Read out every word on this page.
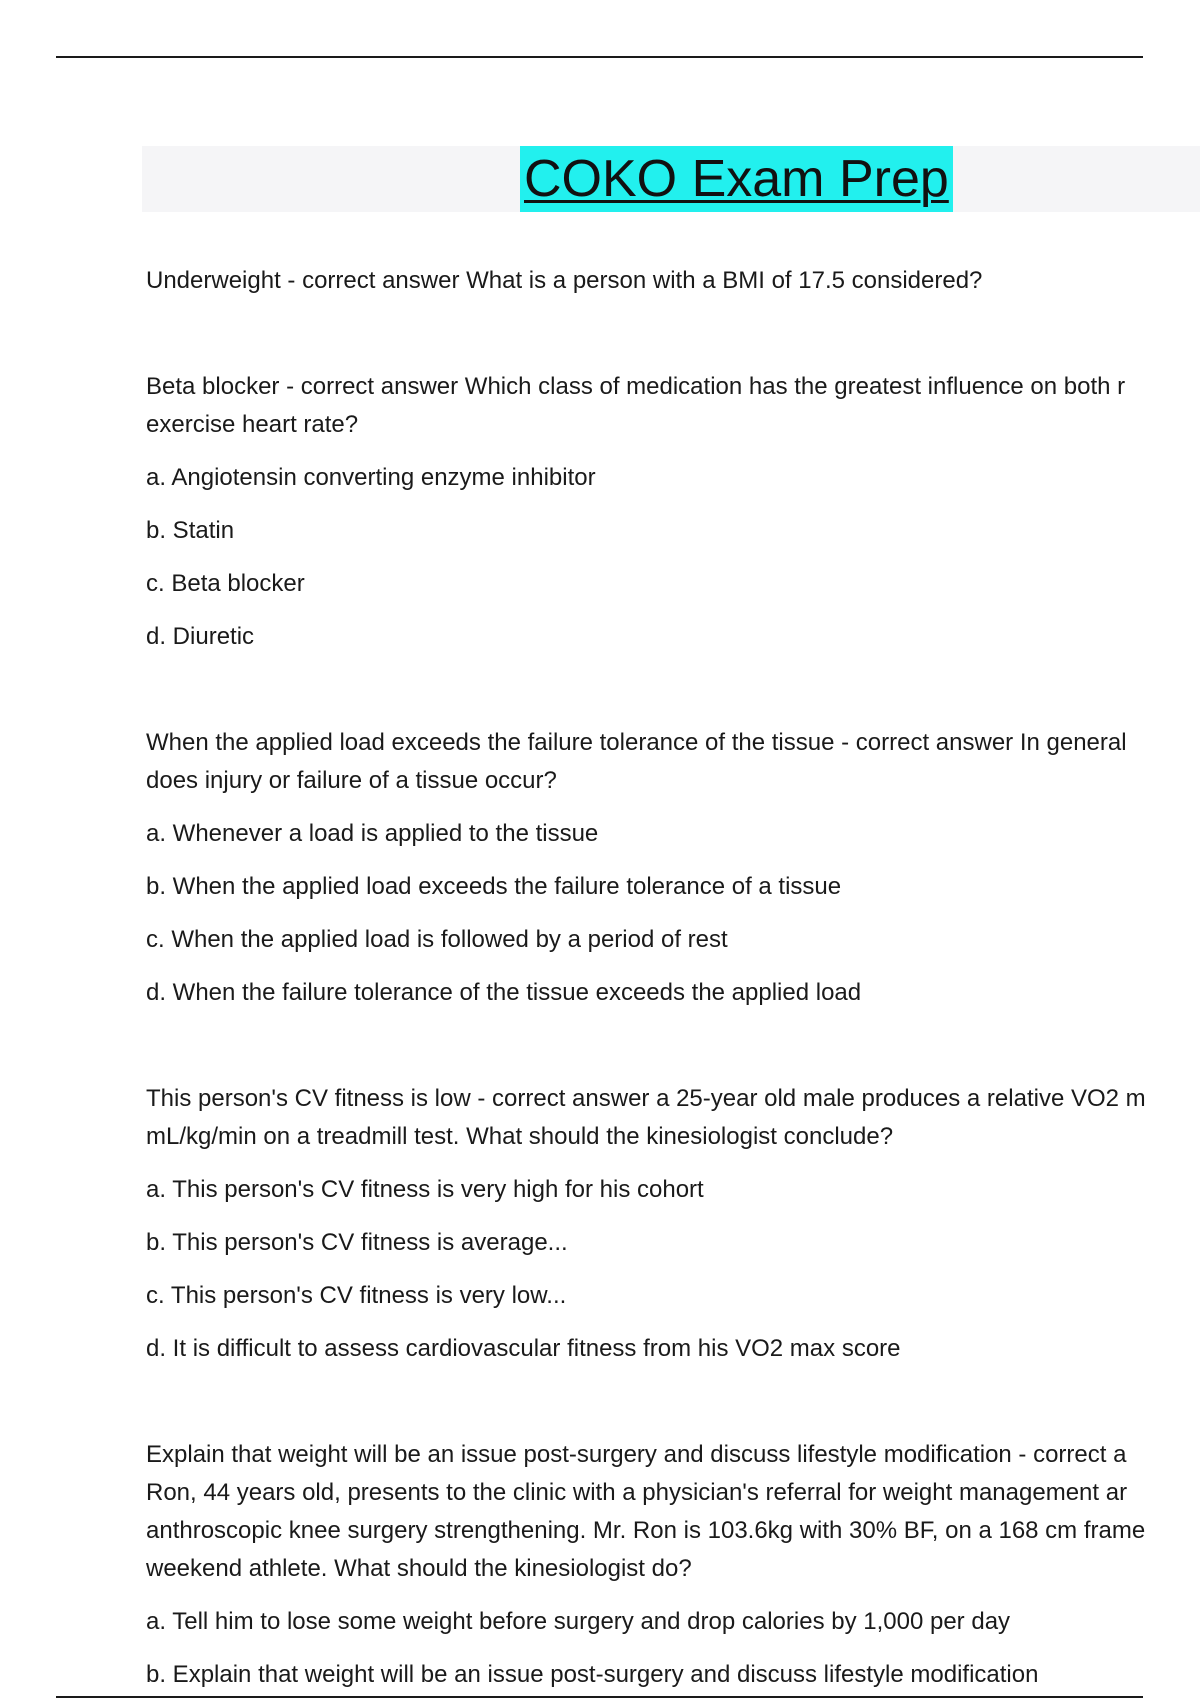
COKO Exam Prep

Underweight - correct answer What is a person with a BMI of 17.5 considered?

Beta blocker - correct answer Which class of medication has the greatest influence on both r

exercise heart rate?

a. Angiotensin converting enzyme inhibitor

b. Statin

c. Beta blocker

d. Diuretic

When the applied load exceeds the failure tolerance of the tissue - correct answer In general

does injury or failure of a tissue occur?

a. Whenever a load is applied to the tissue

b. When the applied load exceeds the failure tolerance of a tissue

c. When the applied load is followed by a period of rest

d. When the failure tolerance of the tissue exceeds the applied load

This person's CV fitness is low - correct answer a 25-year old male produces a relative VO2 m

mL/kg/min on a treadmill test. What should the kinesiologist conclude?

a. This person's CV fitness is very high for his cohort

b. This person's CV fitness is average...

c. This person's CV fitness is very low...

d. It is difficult to assess cardiovascular fitness from his VO2 max score

Explain that weight will be an issue post-surgery and discuss lifestyle modification - correct a

Ron, 44 years old, presents to the clinic with a physician's referral for weight management ar

anthroscopic knee surgery strengthening. Mr. Ron is 103.6kg with 30% BF, on a 168 cm frame

weekend athlete. What should the kinesiologist do?

a. Tell him to lose some weight before surgery and drop calories by 1,000 per day

b. Explain that weight will be an issue post-surgery and discuss lifestyle modification
